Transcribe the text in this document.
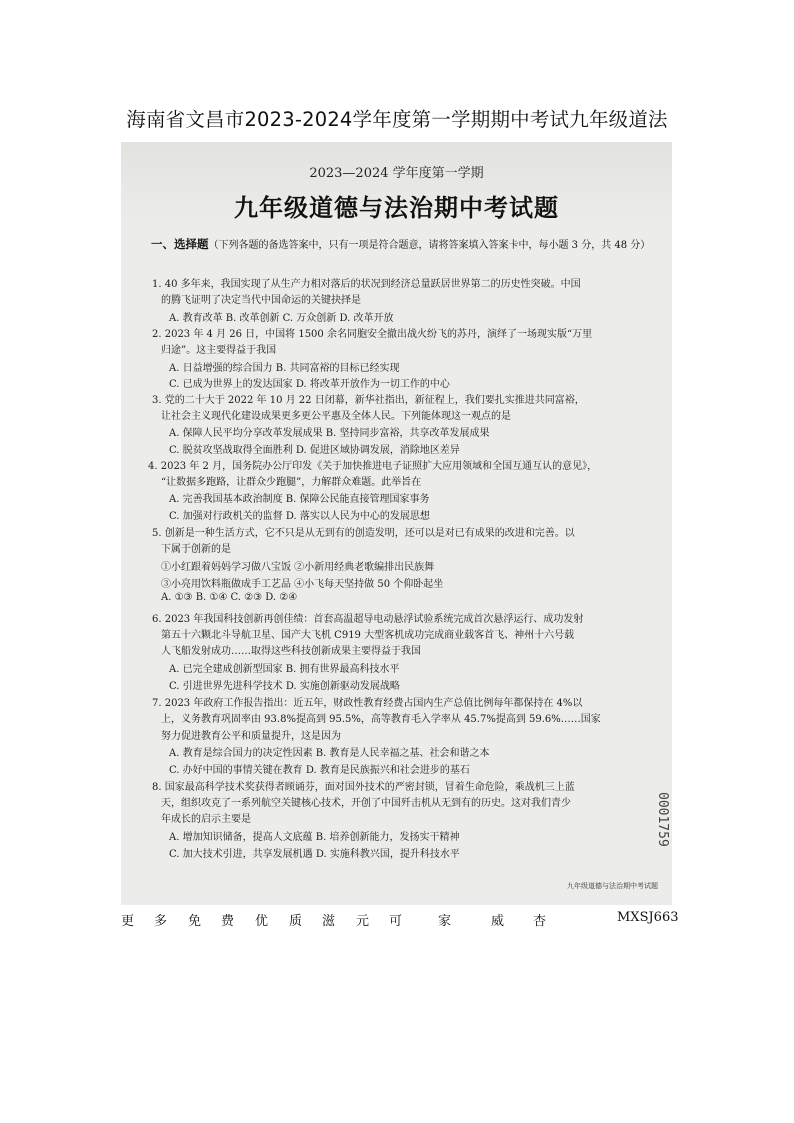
海南省文昌市2023-2024学年度第一学期期中考试九年级道法
2023—2024 学年度第一学期
九年级道德与法治期中考试题
一、选择题（下列各题的备选答案中，只有一项是符合题意，请将答案填入答案卡中，每小题 3 分，共 48 分）
1. 40 多年来，我国实现了从生产力相对落后的状况到经济总量跃居世界第二的历史性突破。中国
的腾飞证明了决定当代中国命运的关键抉择是
A. 教育改革 B. 改革创新 C. 万众创新 D. 改革开放
2. 2023 年 4 月 26 日，中国将 1500 余名同胞安全撤出战火纷飞的苏丹，演绎了一场现实版“万里
归途”。这主要得益于我国
A. 日益增强的综合国力 B. 共同富裕的目标已经实现
C. 已成为世界上的发达国家 D. 将改革开放作为一切工作的中心
3. 党的二十大于 2022 年 10 月 22 日闭幕，新华社指出，新征程上，我们要扎实推进共同富裕，
让社会主义现代化建设成果更多更公平惠及全体人民。下列能体现这一观点的是
A. 保障人民平均分享改革发展成果 B. 坚持同步富裕，共享改革发展成果
C. 脱贫攻坚战取得全面胜利 D. 促进区域协调发展，消除地区差异
4. 2023 年 2 月，国务院办公厅印发《关于加快推进电子证照扩大应用领域和全国互通互认的意见》，
“让数据多跑路，让群众少跑腿”，力解群众难题。此举旨在
A. 完善我国基本政治制度 B. 保障公民能直接管理国家事务
C. 加强对行政机关的监督 D. 落实以人民为中心的发展思想
5. 创新是一种生活方式，它不只是从无到有的创造发明，还可以是对已有成果的改进和完善。以
下属于创新的是
①小红跟着妈妈学习做八宝饭 ②小新用经典老歌编排出民族舞
③小亮用饮料瓶做成手工艺品 ④小飞每天坚持做 50 个仰卧起坐
A. ①③ B. ①④ C. ②③ D. ②④
6. 2023 年我国科技创新再创佳绩：首套高温超导电动悬浮试验系统完成首次悬浮运行、成功发射
第五十六颗北斗导航卫星、国产大飞机 C919 大型客机成功完成商业载客首飞、神州十六号载
人飞船发射成功……取得这些科技创新成果主要得益于我国
A. 已完全建成创新型国家 B. 拥有世界最高科技水平
C. 引进世界先进科学技术 D. 实施创新驱动发展战略
7. 2023 年政府工作报告指出：近五年，财政性教育经费占国内生产总值比例每年都保持在 4%以
上，义务教育巩固率由 93.8%提高到 95.5%，高等教育毛入学率从 45.7%提高到 59.6%……国家
努力促进教育公平和质量提升，这是因为
A. 教育是综合国力的决定性因素 B. 教育是人民幸福之基、社会和谐之本
C. 办好中国的事情关键在教育 D. 教育是民族振兴和社会进步的基石
8. 国家最高科学技术奖获得者顾诵芬，面对国外技术的严密封锁，冒着生命危险，乘战机三上蓝
天，组织攻克了一系列航空关键核心技术，开创了中国歼击机从无到有的历史。这对我们青少
年成长的启示主要是
A. 增加知识储备，提高人文底蕴 B. 培养创新能力，发扬实干精神
C. 加大技术引进，共享发展机遇 D. 实施科教兴国，提升科技水平
0001759
九年级道德与法治期中考试题
更 多 免 费 优 质 滋 元 可	家	威 杏	MXSJ663
